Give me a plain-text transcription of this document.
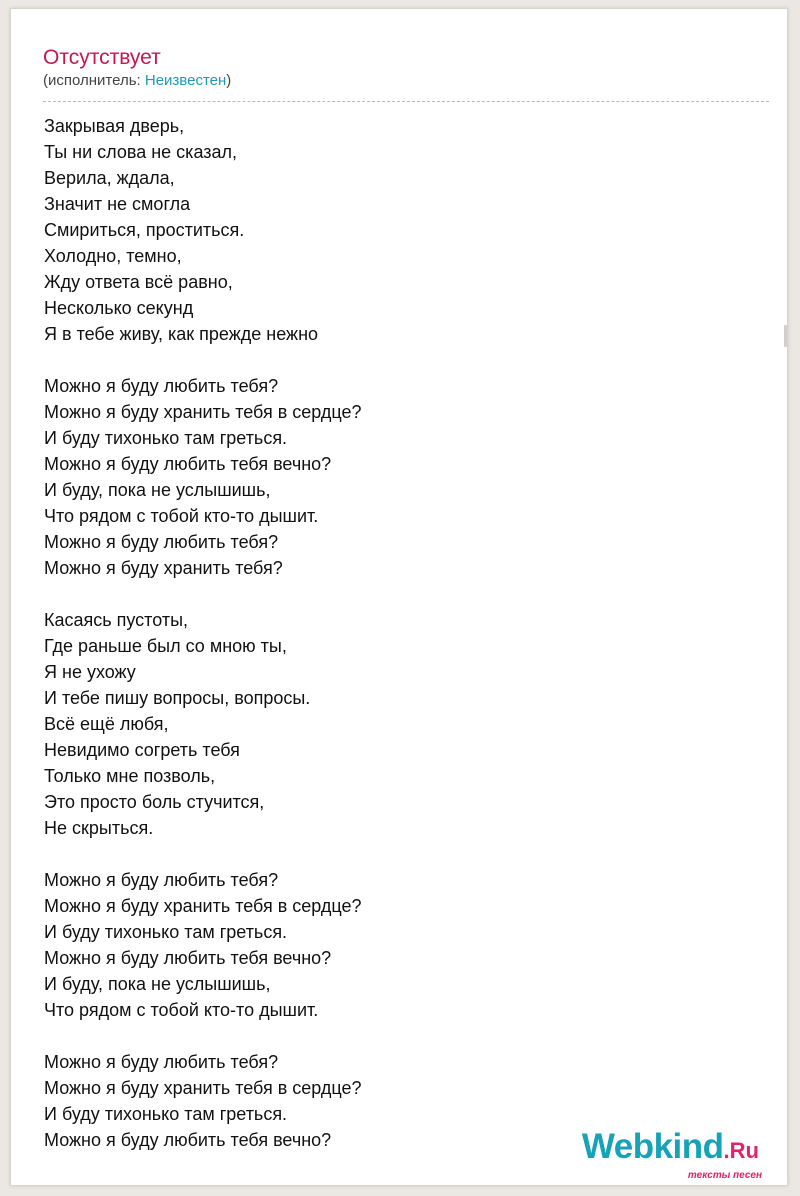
Отсутствует
(исполнитель: Неизвестен)
Закрывая дверь,
Ты ни слова не сказал,
Верила, ждала,
Значит не смогла
Смириться, проститься.
Холодно, темно,
Жду ответа всё равно,
Несколько секунд
Я в тебе живу, как прежде нежно
Можно я буду любить тебя?
Можно я буду хранить тебя в сердце?
И буду тихонько там греться.
Можно я буду любить тебя вечно?
И буду, пока не услышишь,
Что рядом с тобой кто-то дышит.
Можно я буду любить тебя?
Можно я буду хранить тебя?
Касаясь пустоты,
Где раньше был со мною ты,
Я не ухожу
И тебе пишу вопросы, вопросы.
Всё ещё любя,
Невидимо согреть тебя
Только мне позволь,
Это просто боль стучится,
Не скрыться.
Можно я буду любить тебя?
Можно я буду хранить тебя в сердце?
И буду тихонько там греться.
Можно я буду любить тебя вечно?
И буду, пока не услышишь,
Что рядом с тобой кто-то дышит.
Можно я буду любить тебя?
Можно я буду хранить тебя в сердце?
И буду тихонько там греться.
Можно я буду любить тебя вечно?	Webkind.Ru
тексты песен
